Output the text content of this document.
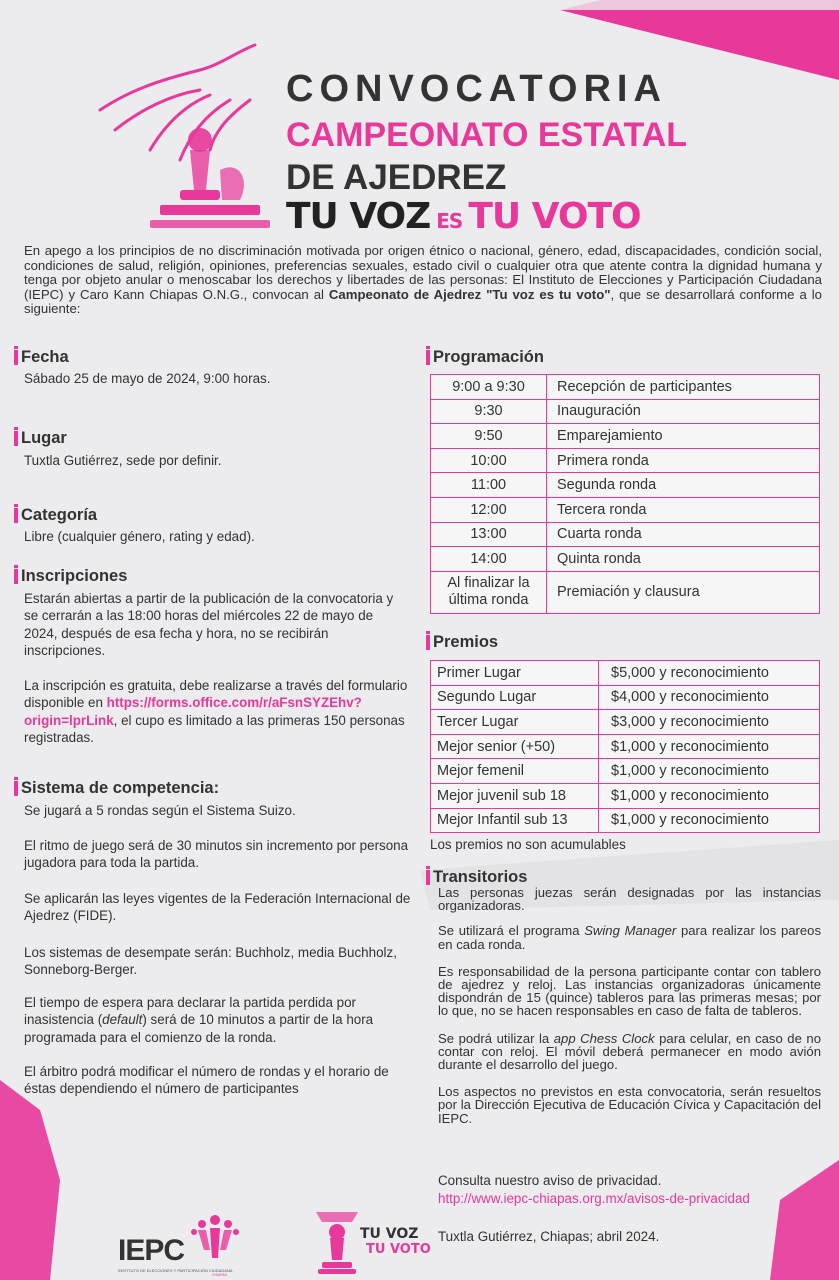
CONVOCATORIA
CAMPEONATO ESTATAL
DE AJEDREZ
TU VOZ ES TU VOTO

En apego a los principios de no discriminación motivada por origen étnico o nacional, género, edad, discapacidades, condición social, condiciones de salud, religión, opiniones, preferencias sexuales, estado civil o cualquier otra que atente contra la dignidad humana y tenga por objeto anular o menoscabar los derechos y libertades de las personas: El Instituto de Elecciones y Participación Ciudadana (IEPC) y Caro Kann Chiapas O.N.G., convocan al Campeonato de Ajedrez "Tu voz es tu voto", que se desarrollará conforme a lo siguiente:

Fecha

Sábado 25 de mayo de 2024, 9:00 horas.

Lugar

Tuxtla Gutiérrez, sede por definir.

Categoría

Libre (cualquier género, rating y edad).

Inscripciones

Estarán abiertas a partir de la publicación de la convocatoria y se cerrarán a las 18:00 horas del miércoles 22 de mayo de 2024, después de esa fecha y hora, no se recibirán inscripciones.

La inscripción es gratuita, debe realizarse a través del formulario disponible en https://forms.office.com/r/aFsnSYZEhv?origin=lprLink, el cupo es limitado a las primeras 150 personas registradas.

Sistema de competencia:

Se jugará a 5 rondas según el Sistema Suizo.

El ritmo de juego será de 30 minutos sin incremento por persona jugadora para toda la partida.

Se aplicarán las leyes vigentes de la Federación Internacional de Ajedrez (FIDE).

Los sistemas de desempate serán: Buchholz, media Buchholz, Sonneborg-Berger.

El tiempo de espera para declarar la partida perdida por inasistencia (default) será de 10 minutos a partir de la hora programada para el comienzo de la ronda.

El árbitro podrá modificar el número de rondas y el horario de éstas dependiendo el número de participantes

Programación
9:00 a 9:30	Recepción de participantes
9:30	Inauguración
9:50	Emparejamiento
10:00	Primera ronda
11:00	Segunda ronda
12:00	Tercera ronda
13:00	Cuarta ronda
14:00	Quinta ronda
Al finalizar la última ronda	Premiación y clausura
Premios
Primer Lugar	$5,000 y reconocimiento
Segundo Lugar	$4,000 y reconocimiento
Tercer Lugar	$3,000 y reconocimiento
Mejor senior (+50)	$1,000 y reconocimiento
Mejor femenil	$1,000 y reconocimiento
Mejor juvenil sub 18	$1,000 y reconocimiento
Mejor Infantil sub 13	$1,000 y reconocimiento

Los premios no son acumulables

Transitorios

Las personas juezas serán designadas por las instancias organizadoras.

Se utilizará el programa Swing Manager para realizar los pareos en cada ronda.

Es responsabilidad de la persona participante contar con tablero de ajedrez y reloj. Las instancias organizadoras únicamente dispondrán de 15 (quince) tableros para las primeras mesas; por lo que, no se hacen responsables en caso de falta de tableros.

Se podrá utilizar la app Chess Clock para celular, en caso de no contar con reloj. El móvil deberá permanecer en modo avión durante el desarrollo del juego.

Los aspectos no previstos en esta convocatoria, serán resueltos por la Dirección Ejecutiva de Educación Cívica y Capacitación del IEPC.

Consulta nuestro aviso de privacidad.

http://www.iepc-chiapas.org.mx/avisos-de-privacidad

Tuxtla Gutiérrez, Chiapas; abril 2024.

IEPC
INSTITUTO DE ELECCIONES Y PARTICIPACIÓN CIUDADANA
CHIAPAS
TU VOZ
TU VOTO
